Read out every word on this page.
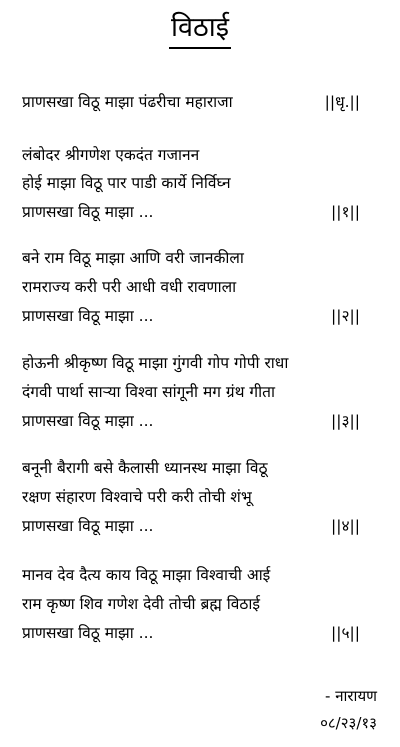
विठाई
प्राणसखा विठू माझा पंढरीचा महाराजा	||धृ.||
लंबोदर श्रीगणेश एकदंत गजानन
होई माझा विठू पार पाडी कार्ये निर्विघ्न
प्राणसखा विठू माझा ...	||१||
बने राम विठू माझा आणि वरी जानकीला
रामराज्य करी परी आधी वधी रावणाला
प्राणसखा विठू माझा ...	||२||
होऊनी श्रीकृष्ण विठू माझा गुंगवी गोप गोपी राधा
दंगवी पार्था साऱ्या विश्वा सांगूनी मग ग्रंथ गीता
प्राणसखा विठू माझा ...	||३||
बनूनी बैरागी बसे कैलासी ध्यानस्थ माझा विठू
रक्षण संहारण विश्वाचे परी करी तोची शंभू
प्राणसखा विठू माझा ...	||४||
मानव देव दैत्य काय विठू माझा विश्वाची आई
राम कृष्ण शिव गणेश देवी तोची ब्रह्म विठाई
प्राणसखा विठू माझा ...	||५||
- नारायण
०८/२३/१३
